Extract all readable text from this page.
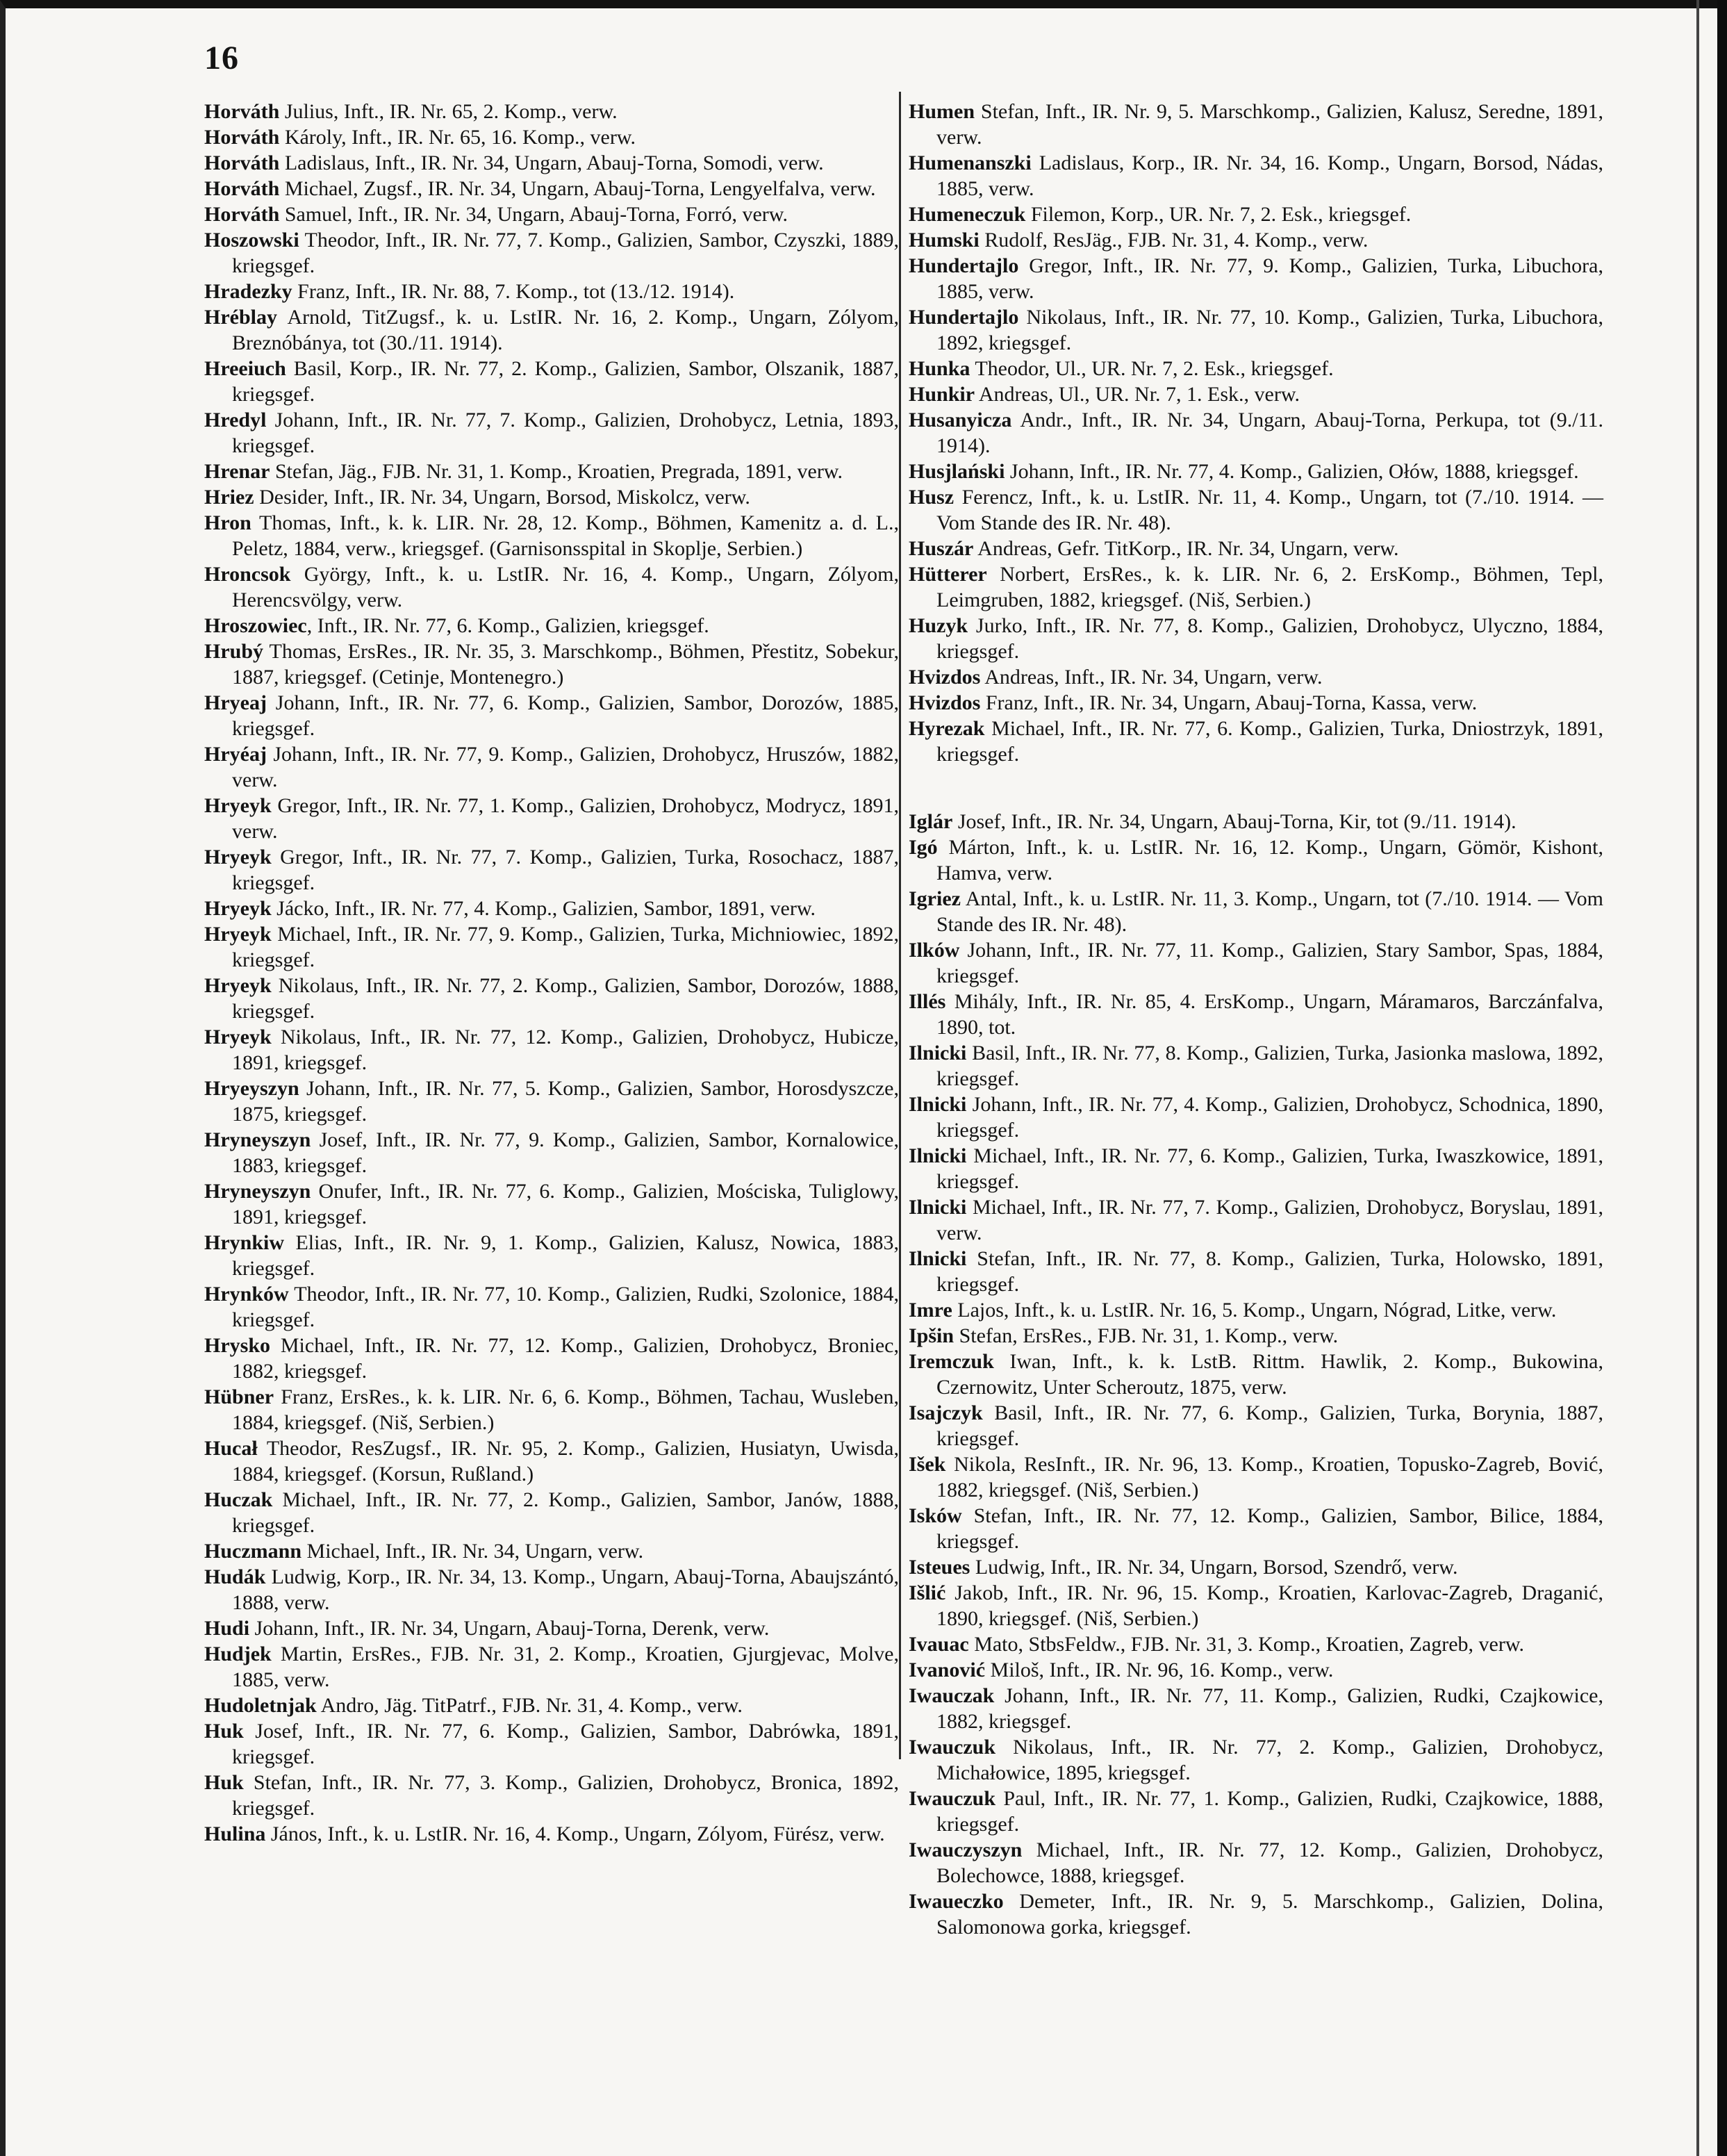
16

Horváth Julius, Inft., IR. Nr. 65, 2. Komp., verw.

Horváth Károly, Inft., IR. Nr. 65, 16. Komp., verw.

Horváth Ladislaus, Inft., IR. Nr. 34, Ungarn, Abauj-Torna, Somodi, verw.

Horváth Michael, Zugsf., IR. Nr. 34, Ungarn, Abauj-Torna, Lengyelfalva, verw.

Horváth Samuel, Inft., IR. Nr. 34, Ungarn, Abauj-Torna, Forró, verw.

Hoszowski Theodor, Inft., IR. Nr. 77, 7. Komp., Galizien, Sambor, Czyszki, 1889, kriegsgef.

Hradezky Franz, Inft., IR. Nr. 88, 7. Komp., tot (13./12. 1914).

Hréblay Arnold, TitZugsf., k. u. LstIR. Nr. 16, 2. Komp., Ungarn, Zólyom, Breznóbánya, tot (30./11. 1914).

Hreeiuch Basil, Korp., IR. Nr. 77, 2. Komp., Galizien, Sambor, Olszanik, 1887, kriegsgef.

Hredyl Johann, Inft., IR. Nr. 77, 7. Komp., Galizien, Drohobycz, Letnia, 1893, kriegsgef.

Hrenar Stefan, Jäg., FJB. Nr. 31, 1. Komp., Kroatien, Pregrada, 1891, verw.

Hriez Desider, Inft., IR. Nr. 34, Ungarn, Borsod, Miskolcz, verw.

Hron Thomas, Inft., k. k. LIR. Nr. 28, 12. Komp., Böhmen, Kamenitz a. d. L., Peletz, 1884, verw., kriegsgef. (Garnisonsspital in Skoplje, Serbien.)

Hroncsok György, Inft., k. u. LstIR. Nr. 16, 4. Komp., Ungarn, Zólyom, Herencsvölgy, verw.

Hroszowiec, Inft., IR. Nr. 77, 6. Komp., Galizien, kriegsgef.

Hrubý Thomas, ErsRes., IR. Nr. 35, 3. Marschkomp., Böhmen, Přestitz, Sobekur, 1887, kriegsgef. (Cetinje, Montenegro.)

Hryeaj Johann, Inft., IR. Nr. 77, 6. Komp., Galizien, Sambor, Dorozów, 1885, kriegsgef.

Hryéaj Johann, Inft., IR. Nr. 77, 9. Komp., Galizien, Drohobycz, Hruszów, 1882, verw.

Hryeyk Gregor, Inft., IR. Nr. 77, 1. Komp., Galizien, Drohobycz, Modrycz, 1891, verw.

Hryeyk Gregor, Inft., IR. Nr. 77, 7. Komp., Galizien, Turka, Rosochacz, 1887, kriegsgef.

Hryeyk Jácko, Inft., IR. Nr. 77, 4. Komp., Galizien, Sambor, 1891, verw.

Hryeyk Michael, Inft., IR. Nr. 77, 9. Komp., Galizien, Turka, Michniowiec, 1892, kriegsgef.

Hryeyk Nikolaus, Inft., IR. Nr. 77, 2. Komp., Galizien, Sambor, Dorozów, 1888, kriegsgef.

Hryeyk Nikolaus, Inft., IR. Nr. 77, 12. Komp., Galizien, Drohobycz, Hubicze, 1891, kriegsgef.

Hryeyszyn Johann, Inft., IR. Nr. 77, 5. Komp., Galizien, Sambor, Horosdyszcze, 1875, kriegsgef.

Hryneyszyn Josef, Inft., IR. Nr. 77, 9. Komp., Galizien, Sambor, Kornalowice, 1883, kriegsgef.

Hryneyszyn Onufer, Inft., IR. Nr. 77, 6. Komp., Galizien, Mościska, Tuliglowy, 1891, kriegsgef.

Hrynkiw Elias, Inft., IR. Nr. 9, 1. Komp., Galizien, Kalusz, Nowica, 1883, kriegsgef.

Hrynków Theodor, Inft., IR. Nr. 77, 10. Komp., Galizien, Rudki, Szolonice, 1884, kriegsgef.

Hrysko Michael, Inft., IR. Nr. 77, 12. Komp., Galizien, Drohobycz, Broniec, 1882, kriegsgef.

Hübner Franz, ErsRes., k. k. LIR. Nr. 6, 6. Komp., Böhmen, Tachau, Wusleben, 1884, kriegsgef. (Niš, Serbien.)

Hucał Theodor, ResZugsf., IR. Nr. 95, 2. Komp., Galizien, Husiatyn, Uwisda, 1884, kriegsgef. (Korsun, Rußland.)

Huczak Michael, Inft., IR. Nr. 77, 2. Komp., Galizien, Sambor, Janów, 1888, kriegsgef.

Huczmann Michael, Inft., IR. Nr. 34, Ungarn, verw.

Hudák Ludwig, Korp., IR. Nr. 34, 13. Komp., Ungarn, Abauj-Torna, Abaujszántó, 1888, verw.

Hudi Johann, Inft., IR. Nr. 34, Ungarn, Abauj-Torna, Derenk, verw.

Hudjek Martin, ErsRes., FJB. Nr. 31, 2. Komp., Kroatien, Gjurgjevac, Molve, 1885, verw.

Hudoletnjak Andro, Jäg. TitPatrf., FJB. Nr. 31, 4. Komp., verw.

Huk Josef, Inft., IR. Nr. 77, 6. Komp., Galizien, Sambor, Dabrówka, 1891, kriegsgef.

Huk Stefan, Inft., IR. Nr. 77, 3. Komp., Galizien, Drohobycz, Bronica, 1892, kriegsgef.

Hulina János, Inft., k. u. LstIR. Nr. 16, 4. Komp., Ungarn, Zólyom, Fürész, verw.

Humen Stefan, Inft., IR. Nr. 9, 5. Marschkomp., Galizien, Kalusz, Seredne, 1891, verw.

Humenanszki Ladislaus, Korp., IR. Nr. 34, 16. Komp., Ungarn, Borsod, Nádas, 1885, verw.

Humeneczuk Filemon, Korp., UR. Nr. 7, 2. Esk., kriegsgef.

Humski Rudolf, ResJäg., FJB. Nr. 31, 4. Komp., verw.

Hundertajlo Gregor, Inft., IR. Nr. 77, 9. Komp., Galizien, Turka, Libuchora, 1885, verw.

Hundertajlo Nikolaus, Inft., IR. Nr. 77, 10. Komp., Galizien, Turka, Libuchora, 1892, kriegsgef.

Hunka Theodor, Ul., UR. Nr. 7, 2. Esk., kriegsgef.

Hunkir Andreas, Ul., UR. Nr. 7, 1. Esk., verw.

Husanyicza Andr., Inft., IR. Nr. 34, Ungarn, Abauj-Torna, Perkupa, tot (9./11. 1914).

Husjlański Johann, Inft., IR. Nr. 77, 4. Komp., Galizien, Ołów, 1888, kriegsgef.

Husz Ferencz, Inft., k. u. LstIR. Nr. 11, 4. Komp., Ungarn, tot (7./10. 1914. — Vom Stande des IR. Nr. 48).

Huszár Andreas, Gefr. TitKorp., IR. Nr. 34, Ungarn, verw.

Hütterer Norbert, ErsRes., k. k. LIR. Nr. 6, 2. ErsKomp., Böhmen, Tepl, Leimgruben, 1882, kriegsgef. (Niš, Serbien.)

Huzyk Jurko, Inft., IR. Nr. 77, 8. Komp., Galizien, Drohobycz, Ulyczno, 1884, kriegsgef.

Hvizdos Andreas, Inft., IR. Nr. 34, Ungarn, verw.

Hvizdos Franz, Inft., IR. Nr. 34, Ungarn, Abauj-Torna, Kassa, verw.

Hyrezak Michael, Inft., IR. Nr. 77, 6. Komp., Galizien, Turka, Dniostrzyk, 1891, kriegsgef.

Iglár Josef, Inft., IR. Nr. 34, Ungarn, Abauj-Torna, Kir, tot (9./11. 1914).

Igó Márton, Inft., k. u. LstIR. Nr. 16, 12. Komp., Ungarn, Gömör, Kishont, Hamva, verw.

Igriez Antal, Inft., k. u. LstIR. Nr. 11, 3. Komp., Ungarn, tot (7./10. 1914. — Vom Stande des IR. Nr. 48).

Ilków Johann, Inft., IR. Nr. 77, 11. Komp., Galizien, Stary Sambor, Spas, 1884, kriegsgef.

Illés Mihály, Inft., IR. Nr. 85, 4. ErsKomp., Ungarn, Máramaros, Barczánfalva, 1890, tot.

Ilnicki Basil, Inft., IR. Nr. 77, 8. Komp., Galizien, Turka, Jasionka maslowa, 1892, kriegsgef.

Ilnicki Johann, Inft., IR. Nr. 77, 4. Komp., Galizien, Drohobycz, Schodnica, 1890, kriegsgef.

Ilnicki Michael, Inft., IR. Nr. 77, 6. Komp., Galizien, Turka, Iwaszkowice, 1891, kriegsgef.

Ilnicki Michael, Inft., IR. Nr. 77, 7. Komp., Galizien, Drohobycz, Boryslau, 1891, verw.

Ilnicki Stefan, Inft., IR. Nr. 77, 8. Komp., Galizien, Turka, Holowsko, 1891, kriegsgef.

Imre Lajos, Inft., k. u. LstIR. Nr. 16, 5. Komp., Ungarn, Nógrad, Litke, verw.

Ipšin Stefan, ErsRes., FJB. Nr. 31, 1. Komp., verw.

Iremczuk Iwan, Inft., k. k. LstB. Rittm. Hawlik, 2. Komp., Bukowina, Czernowitz, Unter Scheroutz, 1875, verw.

Isajczyk Basil, Inft., IR. Nr. 77, 6. Komp., Galizien, Turka, Borynia, 1887, kriegsgef.

Išek Nikola, ResInft., IR. Nr. 96, 13. Komp., Kroatien, Topusko-Zagreb, Bović, 1882, kriegsgef. (Niš, Serbien.)

Isków Stefan, Inft., IR. Nr. 77, 12. Komp., Galizien, Sambor, Bilice, 1884, kriegsgef.

Isteues Ludwig, Inft., IR. Nr. 34, Ungarn, Borsod, Szendrő, verw.

Išlić Jakob, Inft., IR. Nr. 96, 15. Komp., Kroatien, Karlovac-Zagreb, Draganić, 1890, kriegsgef. (Niš, Serbien.)

Ivauac Mato, StbsFeldw., FJB. Nr. 31, 3. Komp., Kroatien, Zagreb, verw.

Ivanović Miloš, Inft., IR. Nr. 96, 16. Komp., verw.

Iwauczak Johann, Inft., IR. Nr. 77, 11. Komp., Galizien, Rudki, Czajkowice, 1882, kriegsgef.

Iwauczuk Nikolaus, Inft., IR. Nr. 77, 2. Komp., Galizien, Drohobycz, Michałowice, 1895, kriegsgef.

Iwauczuk Paul, Inft., IR. Nr. 77, 1. Komp., Galizien, Rudki, Czajkowice, 1888, kriegsgef.

Iwauczyszyn Michael, Inft., IR. Nr. 77, 12. Komp., Galizien, Drohobycz, Bolechowce, 1888, kriegsgef.

Iwaueczko Demeter, Inft., IR. Nr. 9, 5. Marschkomp., Galizien, Dolina, Salomonowa gorka, kriegsgef.
